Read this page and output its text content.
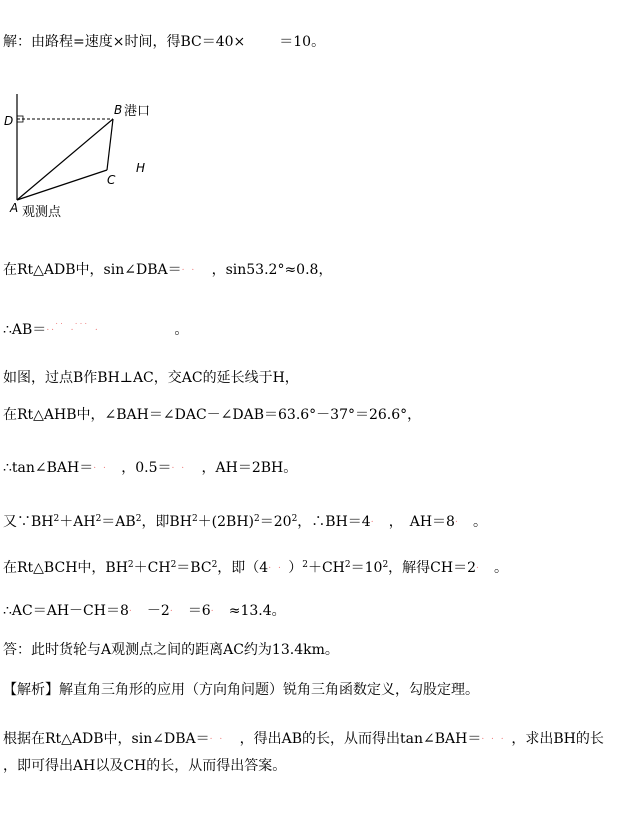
解：由路程=速度×时间，得BC＝40× ＝10。
B 港口
D
H
C
A 观测点
在Rt△ADB中，sin∠DBA＝. . ，sin53.2°≈0.8，
∴AB＝.. ̇ ̇ . ̇ ̇ ̇ .	。
如图，过点B作BH⊥AC，交AC的延长线于H，
在Rt△AHB中，∠BAH＝∠DAC－∠DAB＝63.6°－37°＝26.6°，
∴tan∠BAH＝. . ，0.5＝. . ，AH＝2BH。
又$\because BH^2+AH^2=AB^2$，即$BH^2+(2BH)^2=20^2$，∴BH＝4. ，　AH＝8. 。
在Rt△BCH中，$BH^2+CH^2=BC^2$，即（4. . ）$^2+CH^2=10^2$，解得CH＝2. 。
∴AC＝AH－CH＝8. －2. ＝6. ≈13.4。
答：此时货轮与A观测点之间的距离AC约为13.4km。
【解析】解直角三角形的应用（方向角问题）锐角三角函数定义，勾股定理。
根据在Rt△ADB中，sin∠DBA＝. . ，得出AB的长，从而得出tan∠BAH＝. . . ，求出BH的长
，即可得出AH以及CH的长，从而得出答案。
